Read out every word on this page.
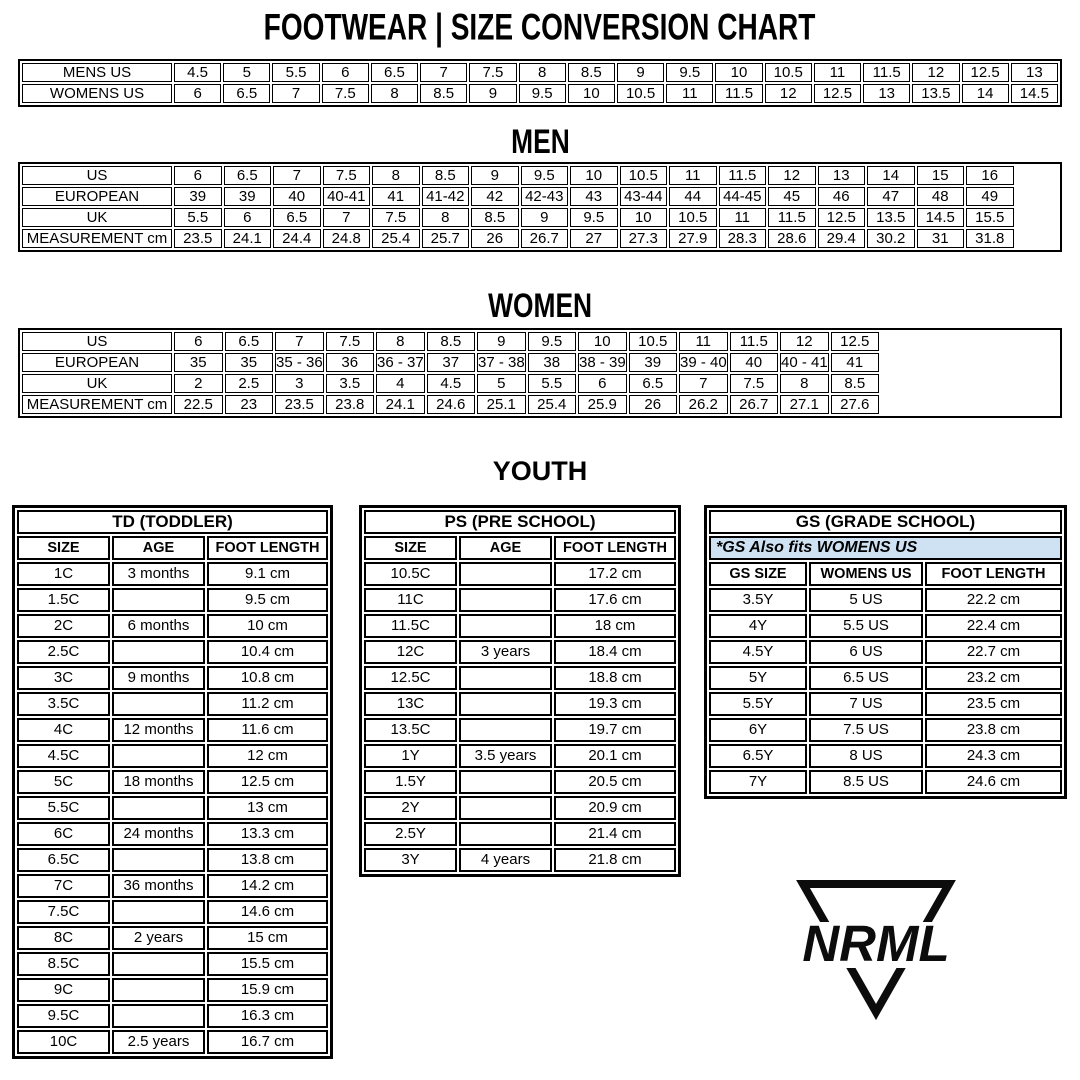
FOOTWEAR | SIZE CONVERSION CHART
MENS US	4.5	5	5.5	6	6.5	7	7.5	8	8.5	9	9.5	10	10.5	11	11.5	12	12.5	13
WOMENS US	6	6.5	7	7.5	8	8.5	9	9.5	10	10.5	11	11.5	12	12.5	13	13.5	14	14.5
MEN
US	6	6.5	7	7.5	8	8.5	9	9.5	10	10.5	11	11.5	12	13	14	15	16	
EUROPEAN	39	39	40	40-41	41	41-42	42	42-43	43	43-44	44	44-45	45	46	47	48	49	
UK	5.5	6	6.5	7	7.5	8	8.5	9	9.5	10	10.5	11	11.5	12.5	13.5	14.5	15.5	
MEASUREMENT cm	23.5	24.1	24.4	24.8	25.4	25.7	26	26.7	27	27.3	27.9	28.3	28.6	29.4	30.2	31	31.8	
WOMEN
US	6	6.5	7	7.5	8	8.5	9	9.5	10	10.5	11	11.5	12	12.5	
EUROPEAN	35	35	35 - 36	36	36 - 37	37	37 - 38	38	38 - 39	39	39 - 40	40	40 - 41	41	
UK	2	2.5	3	3.5	4	4.5	5	5.5	6	6.5	7	7.5	8	8.5	
MEASUREMENT cm	22.5	23	23.5	23.8	24.1	24.6	25.1	25.4	25.9	26	26.2	26.7	27.1	27.6	
YOUTH
TD (TODDLER)		
SIZE	AGE	FOOT LENGTH
1C	3 months	9.1 cm
1.5C		9.5 cm
2C	6 months	10 cm
2.5C		10.4 cm
3C	9 months	10.8 cm
3.5C		11.2 cm
4C	12 months	11.6 cm
4.5C		12 cm
5C	18 months	12.5 cm
5.5C		13 cm
6C	24 months	13.3 cm
6.5C		13.8 cm
7C	36 months	14.2 cm
7.5C		14.6 cm
8C	2 years	15 cm
8.5C		15.5 cm
9C		15.9 cm
9.5C		16.3 cm
10C	2.5 years	16.7 cm
PS (PRE SCHOOL)		
SIZE	AGE	FOOT LENGTH
10.5C		17.2 cm
11C		17.6 cm
11.5C		18 cm
12C	3 years	18.4 cm
12.5C		18.8 cm
13C		19.3 cm
13.5C		19.7 cm
1Y	3.5 years	20.1 cm
1.5Y		20.5 cm
2Y		20.9 cm
2.5Y		21.4 cm
3Y	4 years	21.8 cm
GS (GRADE SCHOOL)		
*GS Also fits WOMENS US		
GS SIZE	WOMENS US	FOOT LENGTH
3.5Y	5 US	22.2 cm
4Y	5.5 US	22.4 cm
4.5Y	6 US	22.7 cm
5Y	6.5 US	23.2 cm
5.5Y	7 US	23.5 cm
6Y	7.5 US	23.8 cm
6.5Y	8 US	24.3 cm
7Y	8.5 US	24.6 cm
NRML
